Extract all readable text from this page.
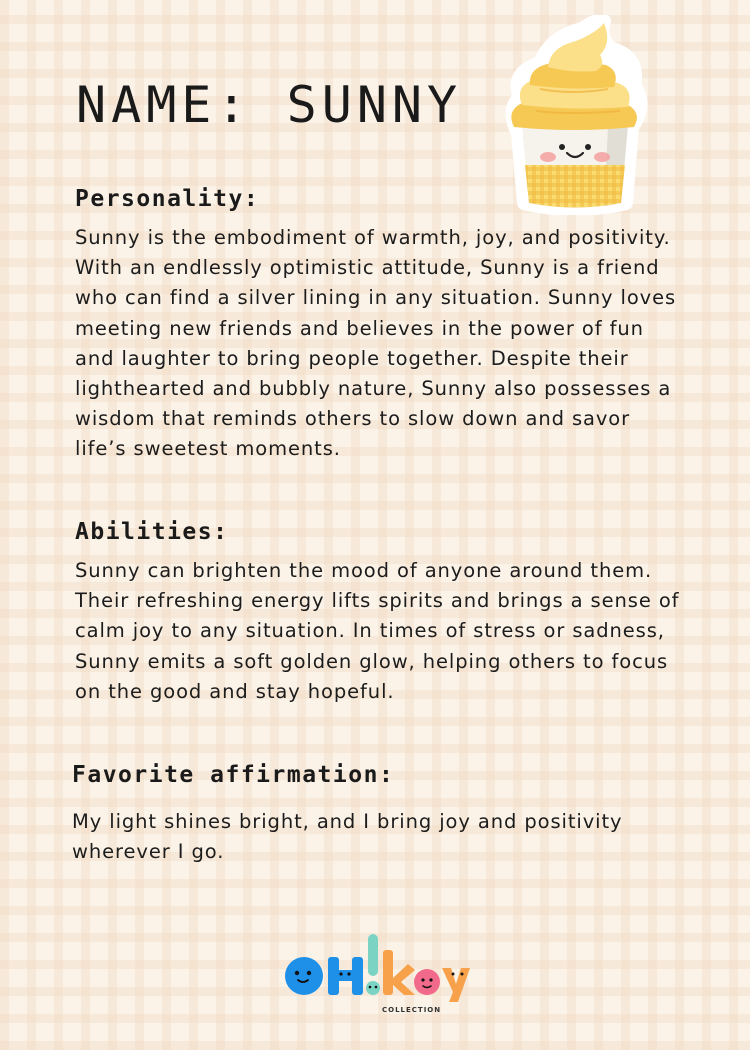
NAME: SUNNY
Personality:

Sunny is the embodiment of warmth, joy, and positivity. With an endlessly optimistic attitude, Sunny is a friend who can find a silver lining in any situation. Sunny loves meeting new friends and believes in the power of fun and laughter to bring people together. Despite their lighthearted and bubbly nature, Sunny also possesses a wisdom that reminds others to slow down and savor life’s sweetest moments.

Abilities:

Sunny can brighten the mood of anyone around them. Their refreshing energy lifts spirits and brings a sense of calm joy to any situation. In times of stress or sadness, Sunny emits a soft golden glow, helping others to focus on the good and stay hopeful.

Favorite affirmation:

My light shines bright, and I bring joy and positivity wherever I go.

COLLECTION
